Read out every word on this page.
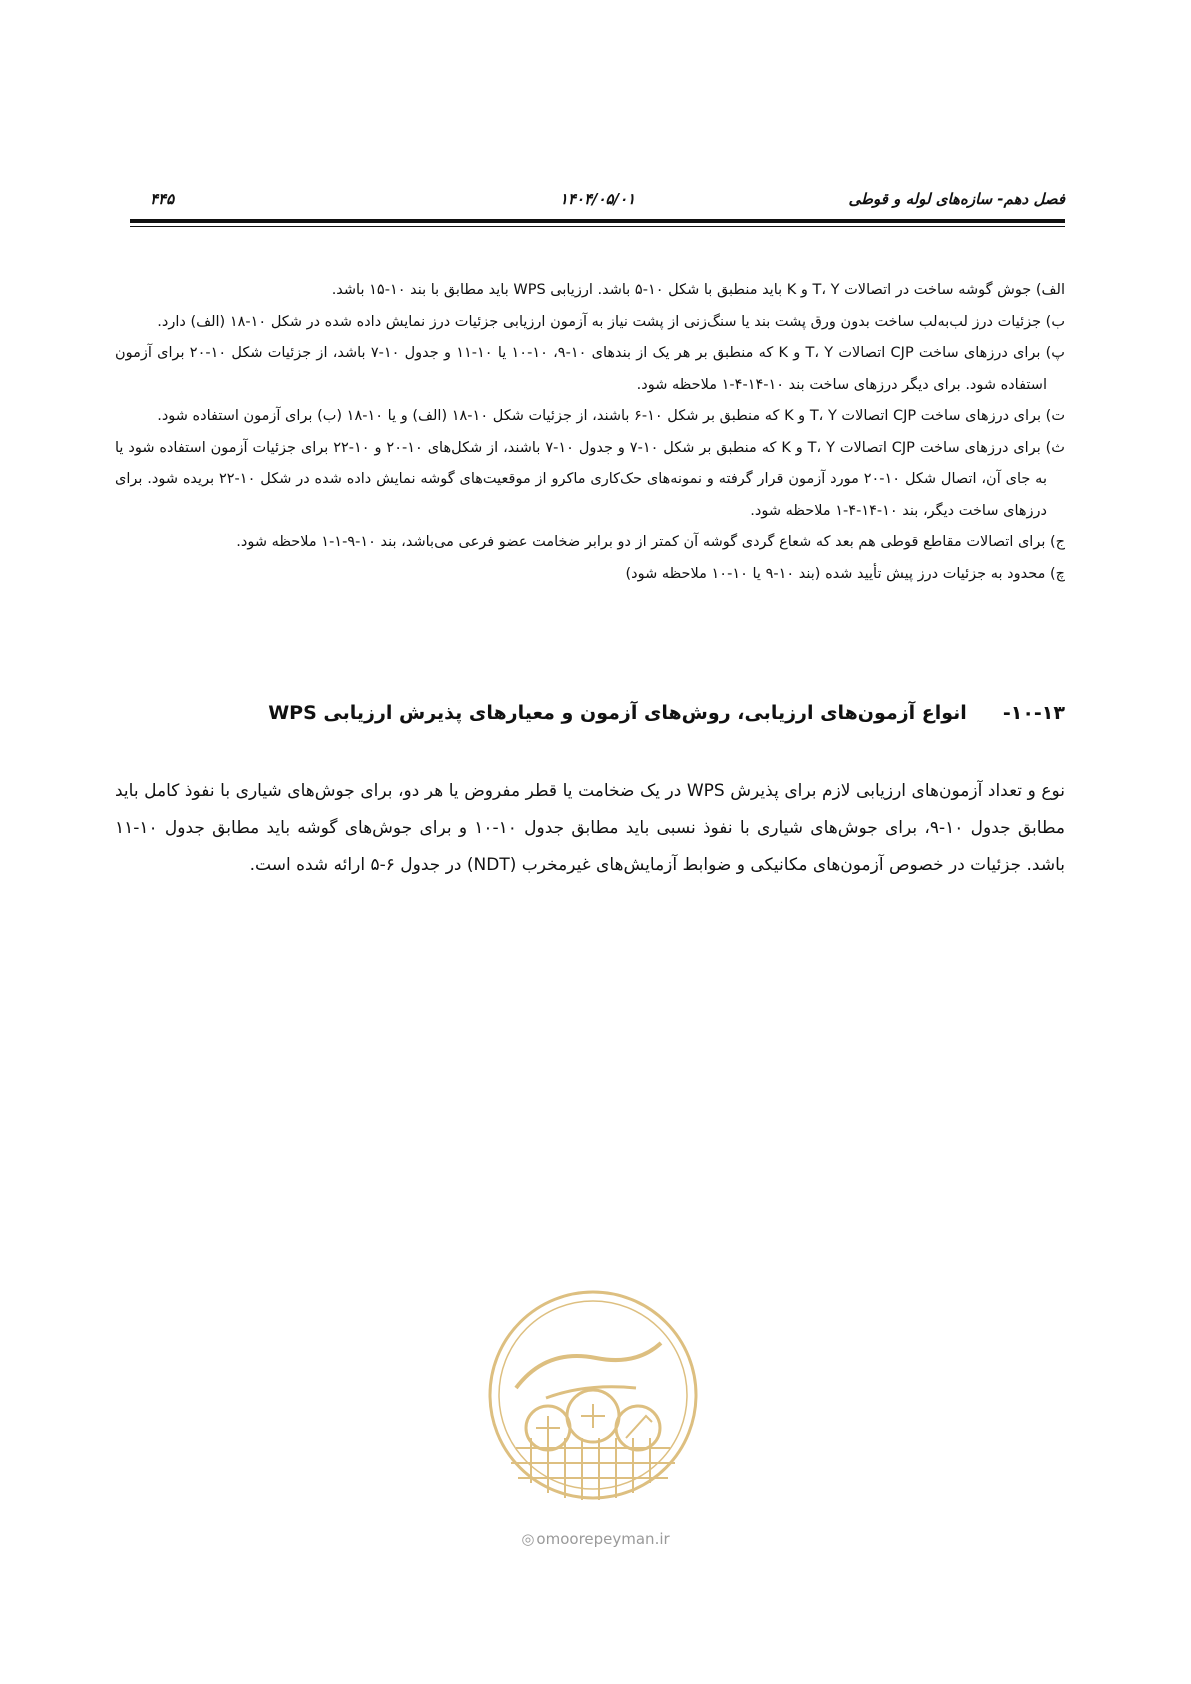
فصل دهم- سازه‌های لوله و قوطی
۱۴۰۴/۰۵/۰۱
۴۴۵

الف) جوش گوشه ساخت در اتصالات T، Y و K باید منطبق با شکل ۱۰-۵ باشد. ارزیابی WPS باید مطابق با بند ۱۰-۱۵ باشد.

ب) جزئیات درز لب‌به‌لب ساخت بدون ورق پشت بند یا سنگ‌زنی از پشت نیاز به آزمون ارزیابی جزئیات درز نمایش داده شده در شکل ۱۰-۱۸ (الف) دارد.

پ) برای درزهای ساخت CJP اتصالات T، Y و K که منطبق بر هر یک از بندهای ۱۰-۹، ۱۰-۱۰ یا ۱۰-۱۱ و جدول ۱۰-۷ باشد، از جزئیات شکل ۱۰-۲۰ برای آزمون استفاده شود. برای دیگر درزهای ساخت بند ۱۰-۱۴-۴-۱ ملاحظه شود.

ت) برای درزهای ساخت CJP اتصالات T، Y و K که منطبق بر شکل ۱۰-۶ باشند، از جزئیات شکل ۱۰-۱۸ (الف) و یا ۱۰-۱۸ (ب) برای آزمون استفاده شود.

ث) برای درزهای ساخت CJP اتصالات T، Y و K که منطبق بر شکل ۱۰-۷ و جدول ۱۰-۷ باشند، از شکل‌های ۱۰-۲۰ و ۱۰-۲۲ برای جزئیات آزمون استفاده شود یا به جای آن، اتصال شکل ۱۰-۲۰ مورد آزمون قرار گرفته و نمونه‌های حک‌کاری ماکرو از موقعیت‌های گوشه نمایش داده شده در شکل ۱۰-۲۲ بریده شود. برای درزهای ساخت دیگر، بند ۱۰-۱۴-۴-۱ ملاحظه شود.

ج) برای اتصالات مقاطع قوطی هم بعد که شعاع گردی گوشه آن کمتر از دو برابر ضخامت عضو فرعی می‌باشد، بند ۱۰-۹-۱-۱ ملاحظه شود.

چ) محدود به جزئیات درز پیش تأیید شده (بند ۱۰-۹ یا ۱۰-۱۰ ملاحظه شود)

۱۰-۱۳-انواع آزمون‌های ارزیابی، روش‌های آزمون و معیارهای پذیرش ارزیابی WPS

نوع و تعداد آزمون‌های ارزیابی لازم برای پذیرش WPS در یک ضخامت یا قطر مفروض یا هر دو، برای جوش‌های شیاری با نفوذ کامل باید مطابق جدول ۱۰-۹، برای جوش‌های شیاری با نفوذ نسبی باید مطابق جدول ۱۰-۱۰ و برای جوش‌های گوشه باید مطابق جدول ۱۰-۱۱ باشد. جزئیات در خصوص آزمون‌های مکانیکی و ضوابط آزمایش‌های غیرمخرب (NDT) در جدول ۶-۵ ارائه شده است.

◎ omoorepeyman.ir
